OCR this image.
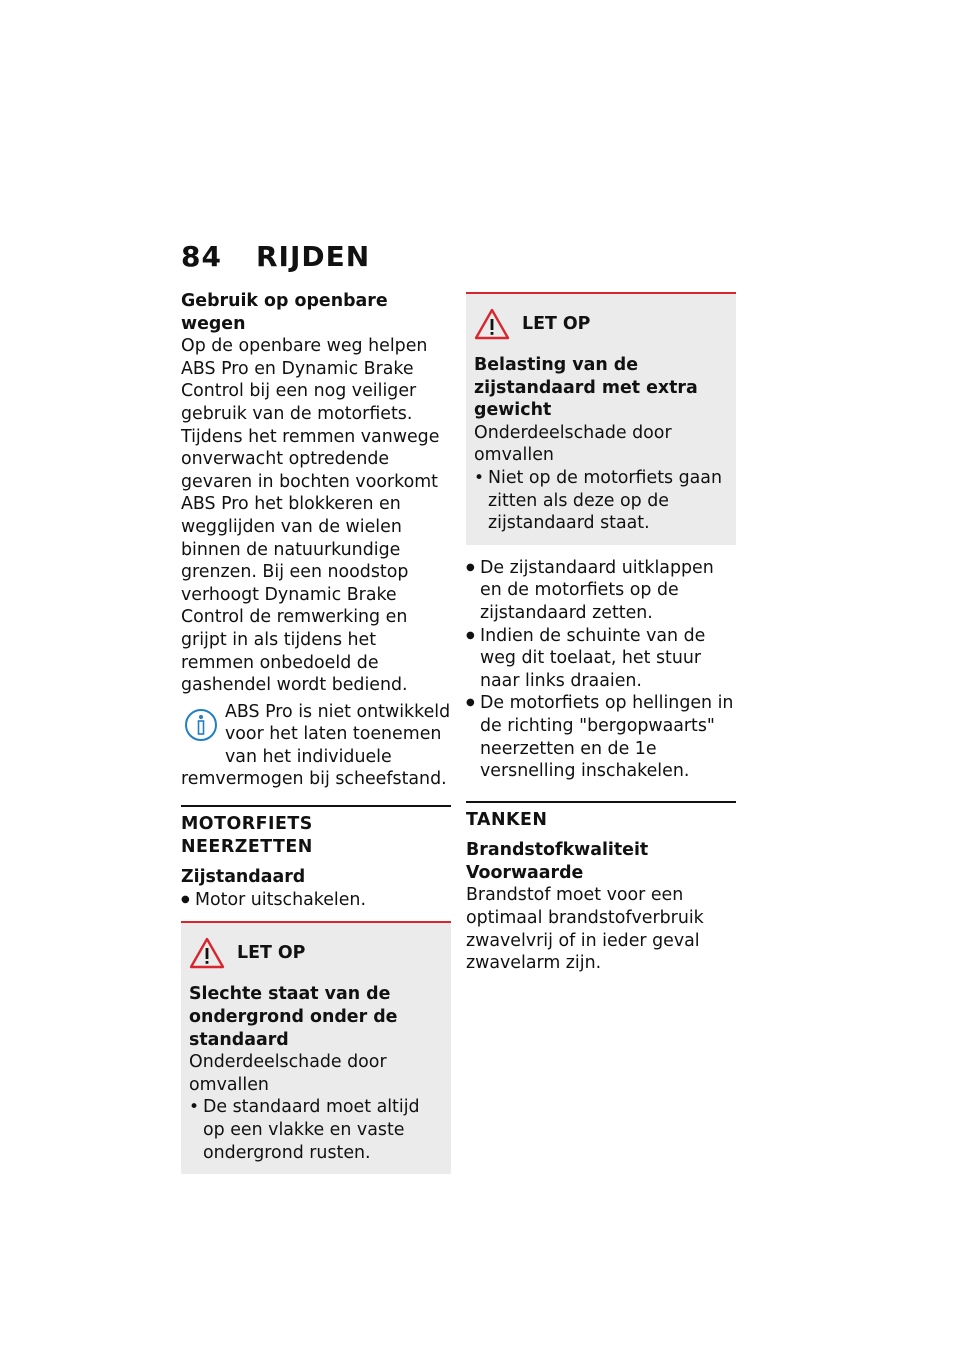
84 RIJDEN

Gebruik op openbare wegen

Op de openbare weg helpen ABS Pro en Dynamic Brake Control bij een nog veiliger gebruik van de motorfiets. Tijdens het remmen vanwege onverwacht optredende gevaren in bochten voorkomt ABS Pro het blokkeren en wegglijden van de wielen binnen de natuurkundige grenzen. Bij een noodstop verhoogt Dynamic Brake Control de remwerking en grijpt in als tijdens het remmen onbedoeld de gashendel wordt bediend.

ABS Pro is niet ontwikkeld voor het laten toenemen van het individuele remvermogen bij scheefstand.
MOTORFIETS NEERZETTEN

Zijstandaard

● Motor uitschakelen.
LET OP

Slechte staat van de ondergrond onder de standaard

Onderdeelschade door omvallen

• De standaard moet altijd op een vlakke en vaste ondergrond rusten.
LET OP

Belasting van de zijstandaard met extra gewicht

Onderdeelschade door omvallen

• Niet op de motorfiets gaan zitten als deze op de zijstandaard staat.
● De zijstandaard uitklappen en de motorfiets op de zijstandaard zetten.
● Indien de schuinte van de weg dit toelaat, het stuur naar links draaien.
● De motorfiets op hellingen in de richting "bergopwaarts" neerzetten en de 1e versnelling inschakelen.
TANKEN

Brandstofkwaliteit

Voorwaarde

Brandstof moet voor een optimaal brandstofverbruik zwavelvrij of in ieder geval zwavelarm zijn.
